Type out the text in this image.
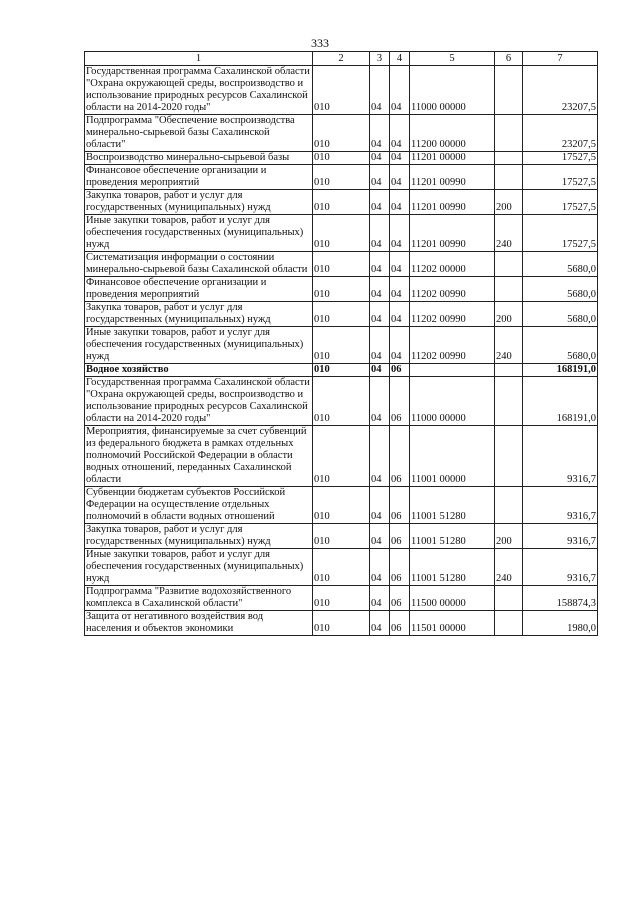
333
1	2	3	4	5	6	7
Государственная программа Сахалинской области "Охрана окружающей среды, воспроизводство и использование природных ресурсов Сахалинской области на 2014-2020 годы"	010	04	04	11000 00000		23207,5
Подпрограмма "Обеспечение воспроизводства минерально-сырьевой базы Сахалинской области"	010	04	04	11200 00000		23207,5
Воспроизводство минерально-сырьевой базы	010	04	04	11201 00000		17527,5
Финансовое обеспечение организации и проведения мероприятий	010	04	04	11201 00990		17527,5
Закупка товаров, работ и услуг для государственных (муниципальных) нужд	010	04	04	11201 00990	200	17527,5
Иные закупки товаров, работ и услуг для обеспечения государственных (муниципальных) нужд	010	04	04	11201 00990	240	17527,5
Систематизация информации о состоянии минерально-сырьевой базы Сахалинской области	010	04	04	11202 00000		5680,0
Финансовое обеспечение организации и проведения мероприятий	010	04	04	11202 00990		5680,0
Закупка товаров, работ и услуг для государственных (муниципальных) нужд	010	04	04	11202 00990	200	5680,0
Иные закупки товаров, работ и услуг для обеспечения государственных (муниципальных) нужд	010	04	04	11202 00990	240	5680,0
Водное хозяйство	010	04	06			168191,0
Государственная программа Сахалинской области "Охрана окружающей среды, воспроизводство и использование природных ресурсов Сахалинской области на 2014-2020 годы"	010	04	06	11000 00000		168191,0
Мероприятия, финансируемые за счет субвенций из федерального бюджета в рамках отдельных полномочий Российской Федерации в области водных отношений, переданных Сахалинской области	010	04	06	11001 00000		9316,7
Субвенции бюджетам субъектов Российской Федерации на осуществление отдельных полномочий в области водных отношений	010	04	06	11001 51280		9316,7
Закупка товаров, работ и услуг для государственных (муниципальных) нужд	010	04	06	11001 51280	200	9316,7
Иные закупки товаров, работ и услуг для обеспечения государственных (муниципальных) нужд	010	04	06	11001 51280	240	9316,7
Подпрограмма "Развитие водохозяйственного комплекса в Сахалинской области"	010	04	06	11500 00000		158874,3
Защита от негативного воздействия вод населения и объектов экономики	010	04	06	11501 00000		1980,0
